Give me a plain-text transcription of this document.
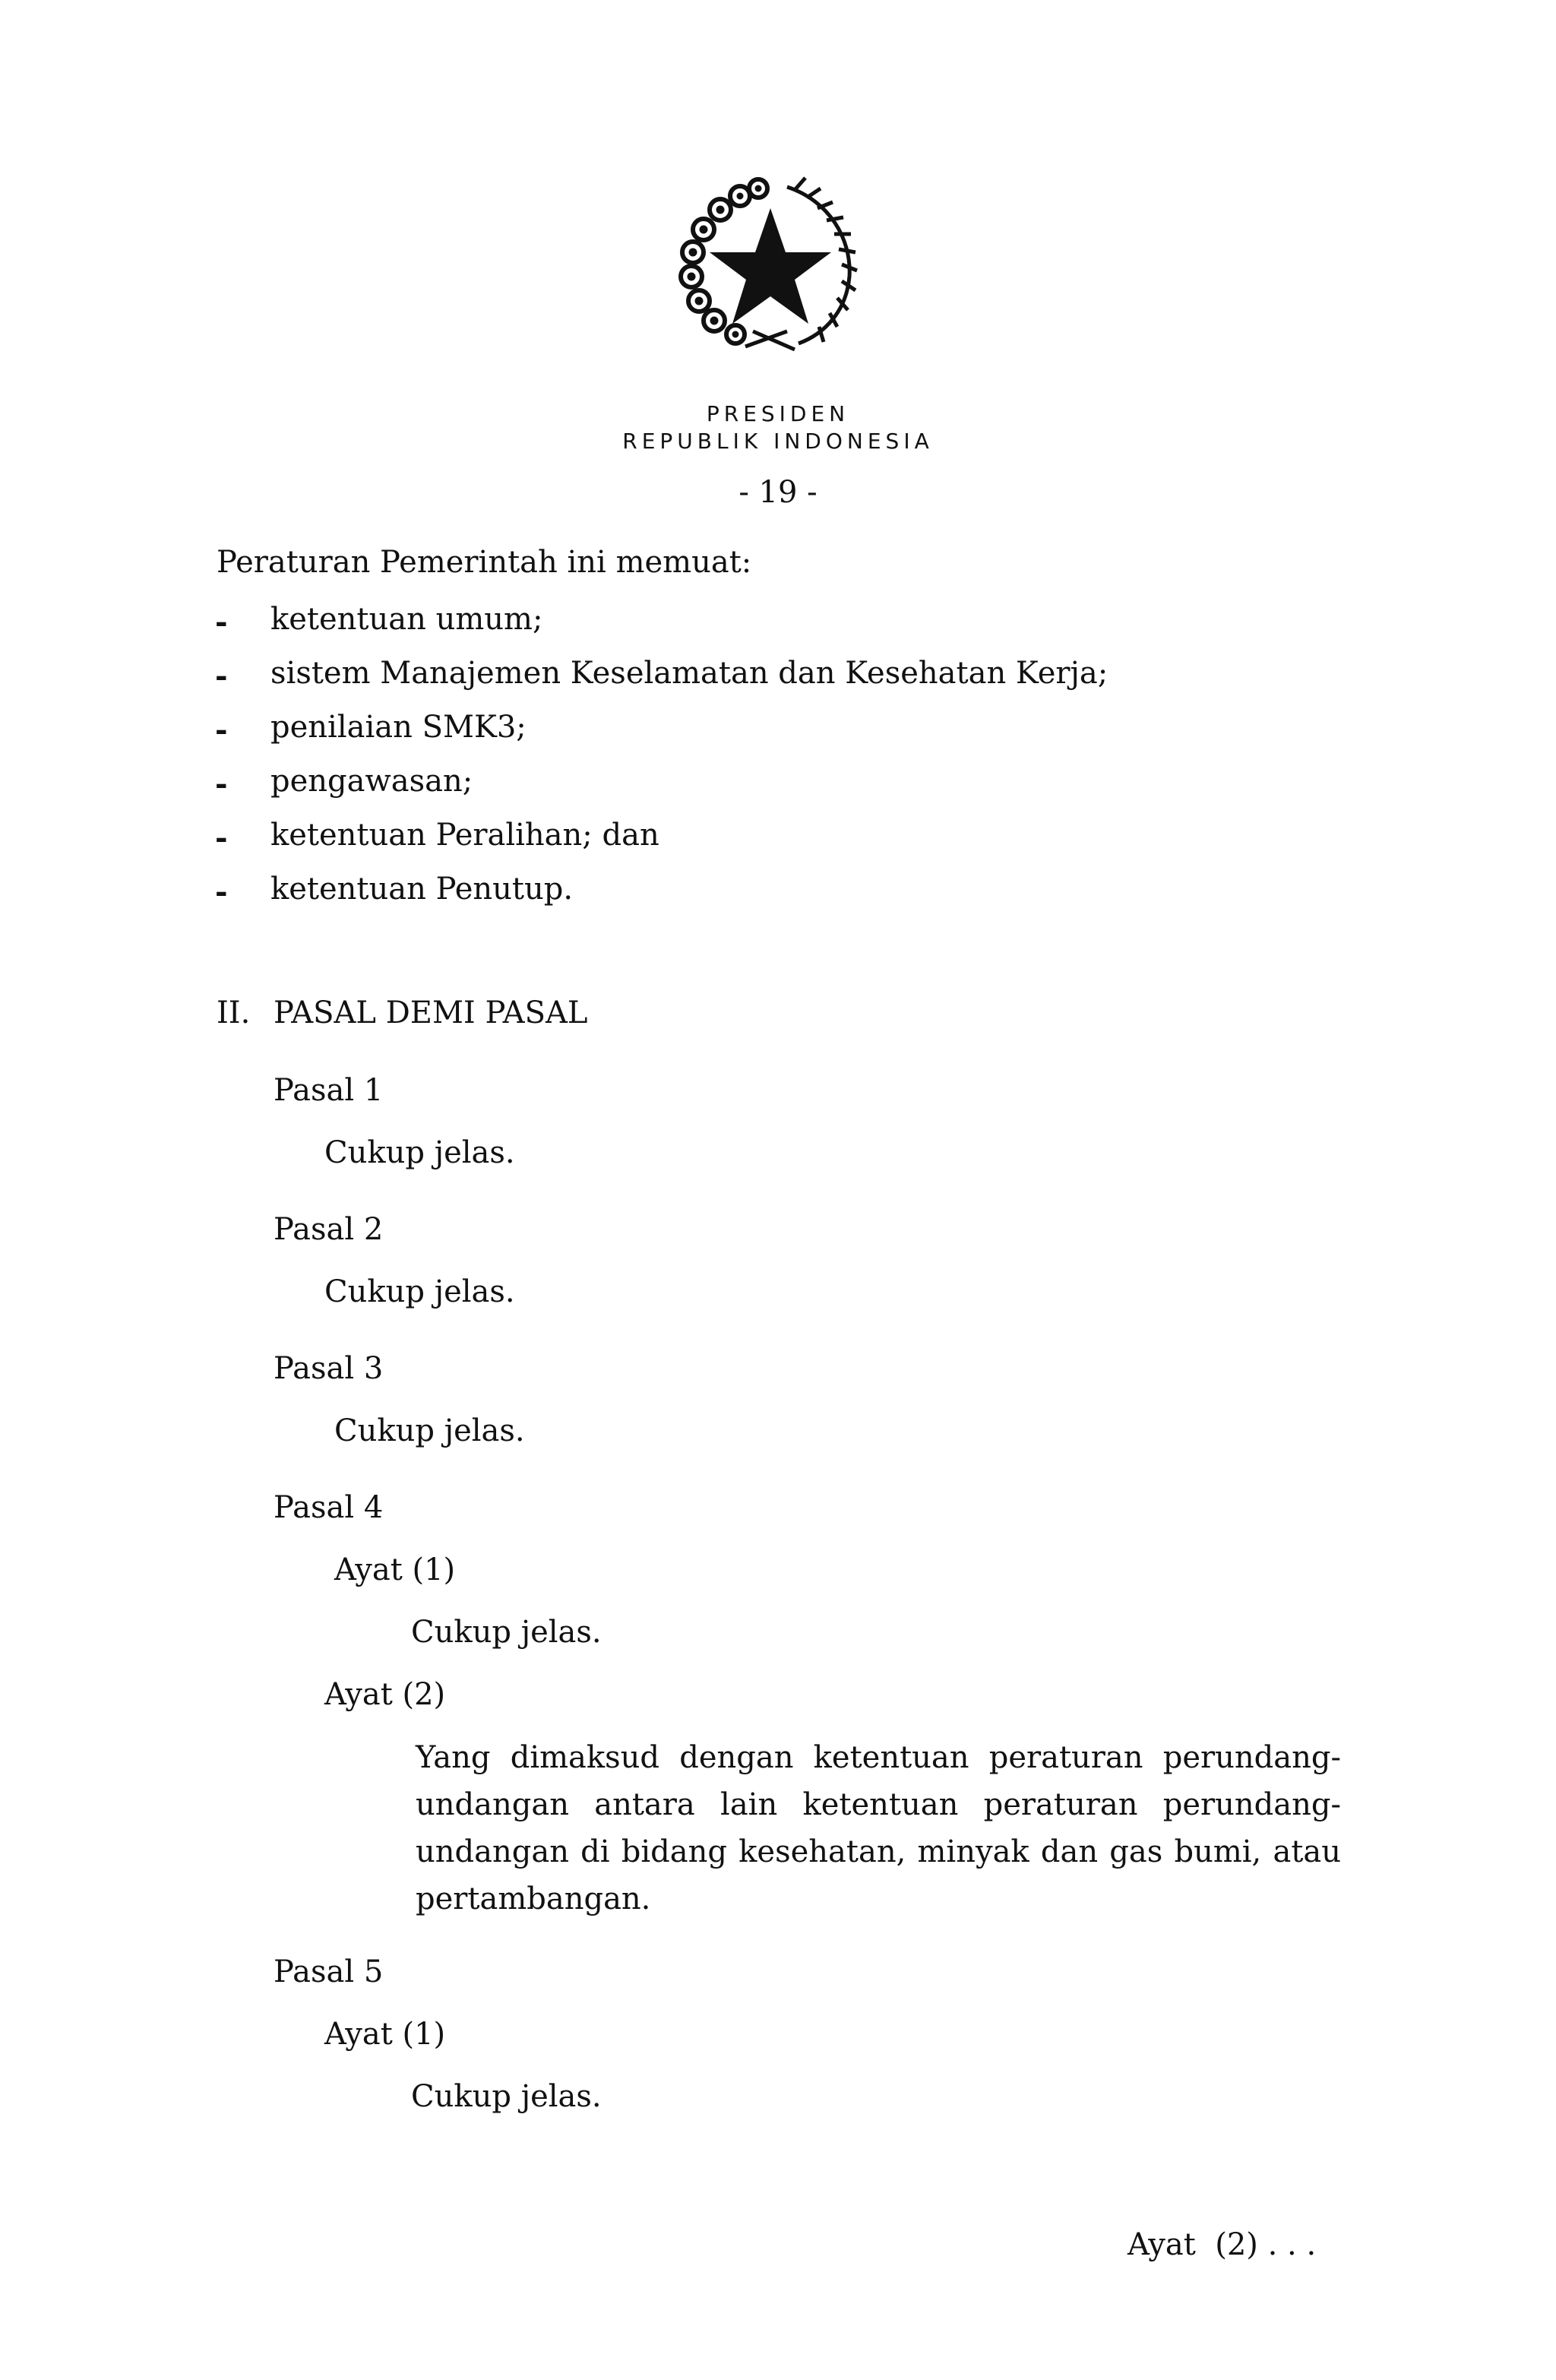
PRESIDEN
REPUBLIK INDONESIA
- 19 -
Peraturan Pemerintah ini memuat:
- ketentuan umum;
- sistem Manajemen Keselamatan dan Kesehatan Kerja;
- penilaian SMK3;
- pengawasan;
- ketentuan Peralihan; dan
- ketentuan Penutup.
II. PASAL DEMI PASAL
Pasal 1
Cukup jelas.
Pasal 2
Cukup jelas.
Pasal 3
Cukup jelas.
Pasal 4
Ayat (1)
Cukup jelas.
Ayat (2)
Yang dimaksud dengan ketentuan peraturan perundang-
undangan antara lain ketentuan peraturan perundang-
undangan di bidang kesehatan, minyak dan gas bumi, atau
pertambangan.
Pasal 5
Ayat (1)
Cukup jelas.
Ayat  (2) . . .
